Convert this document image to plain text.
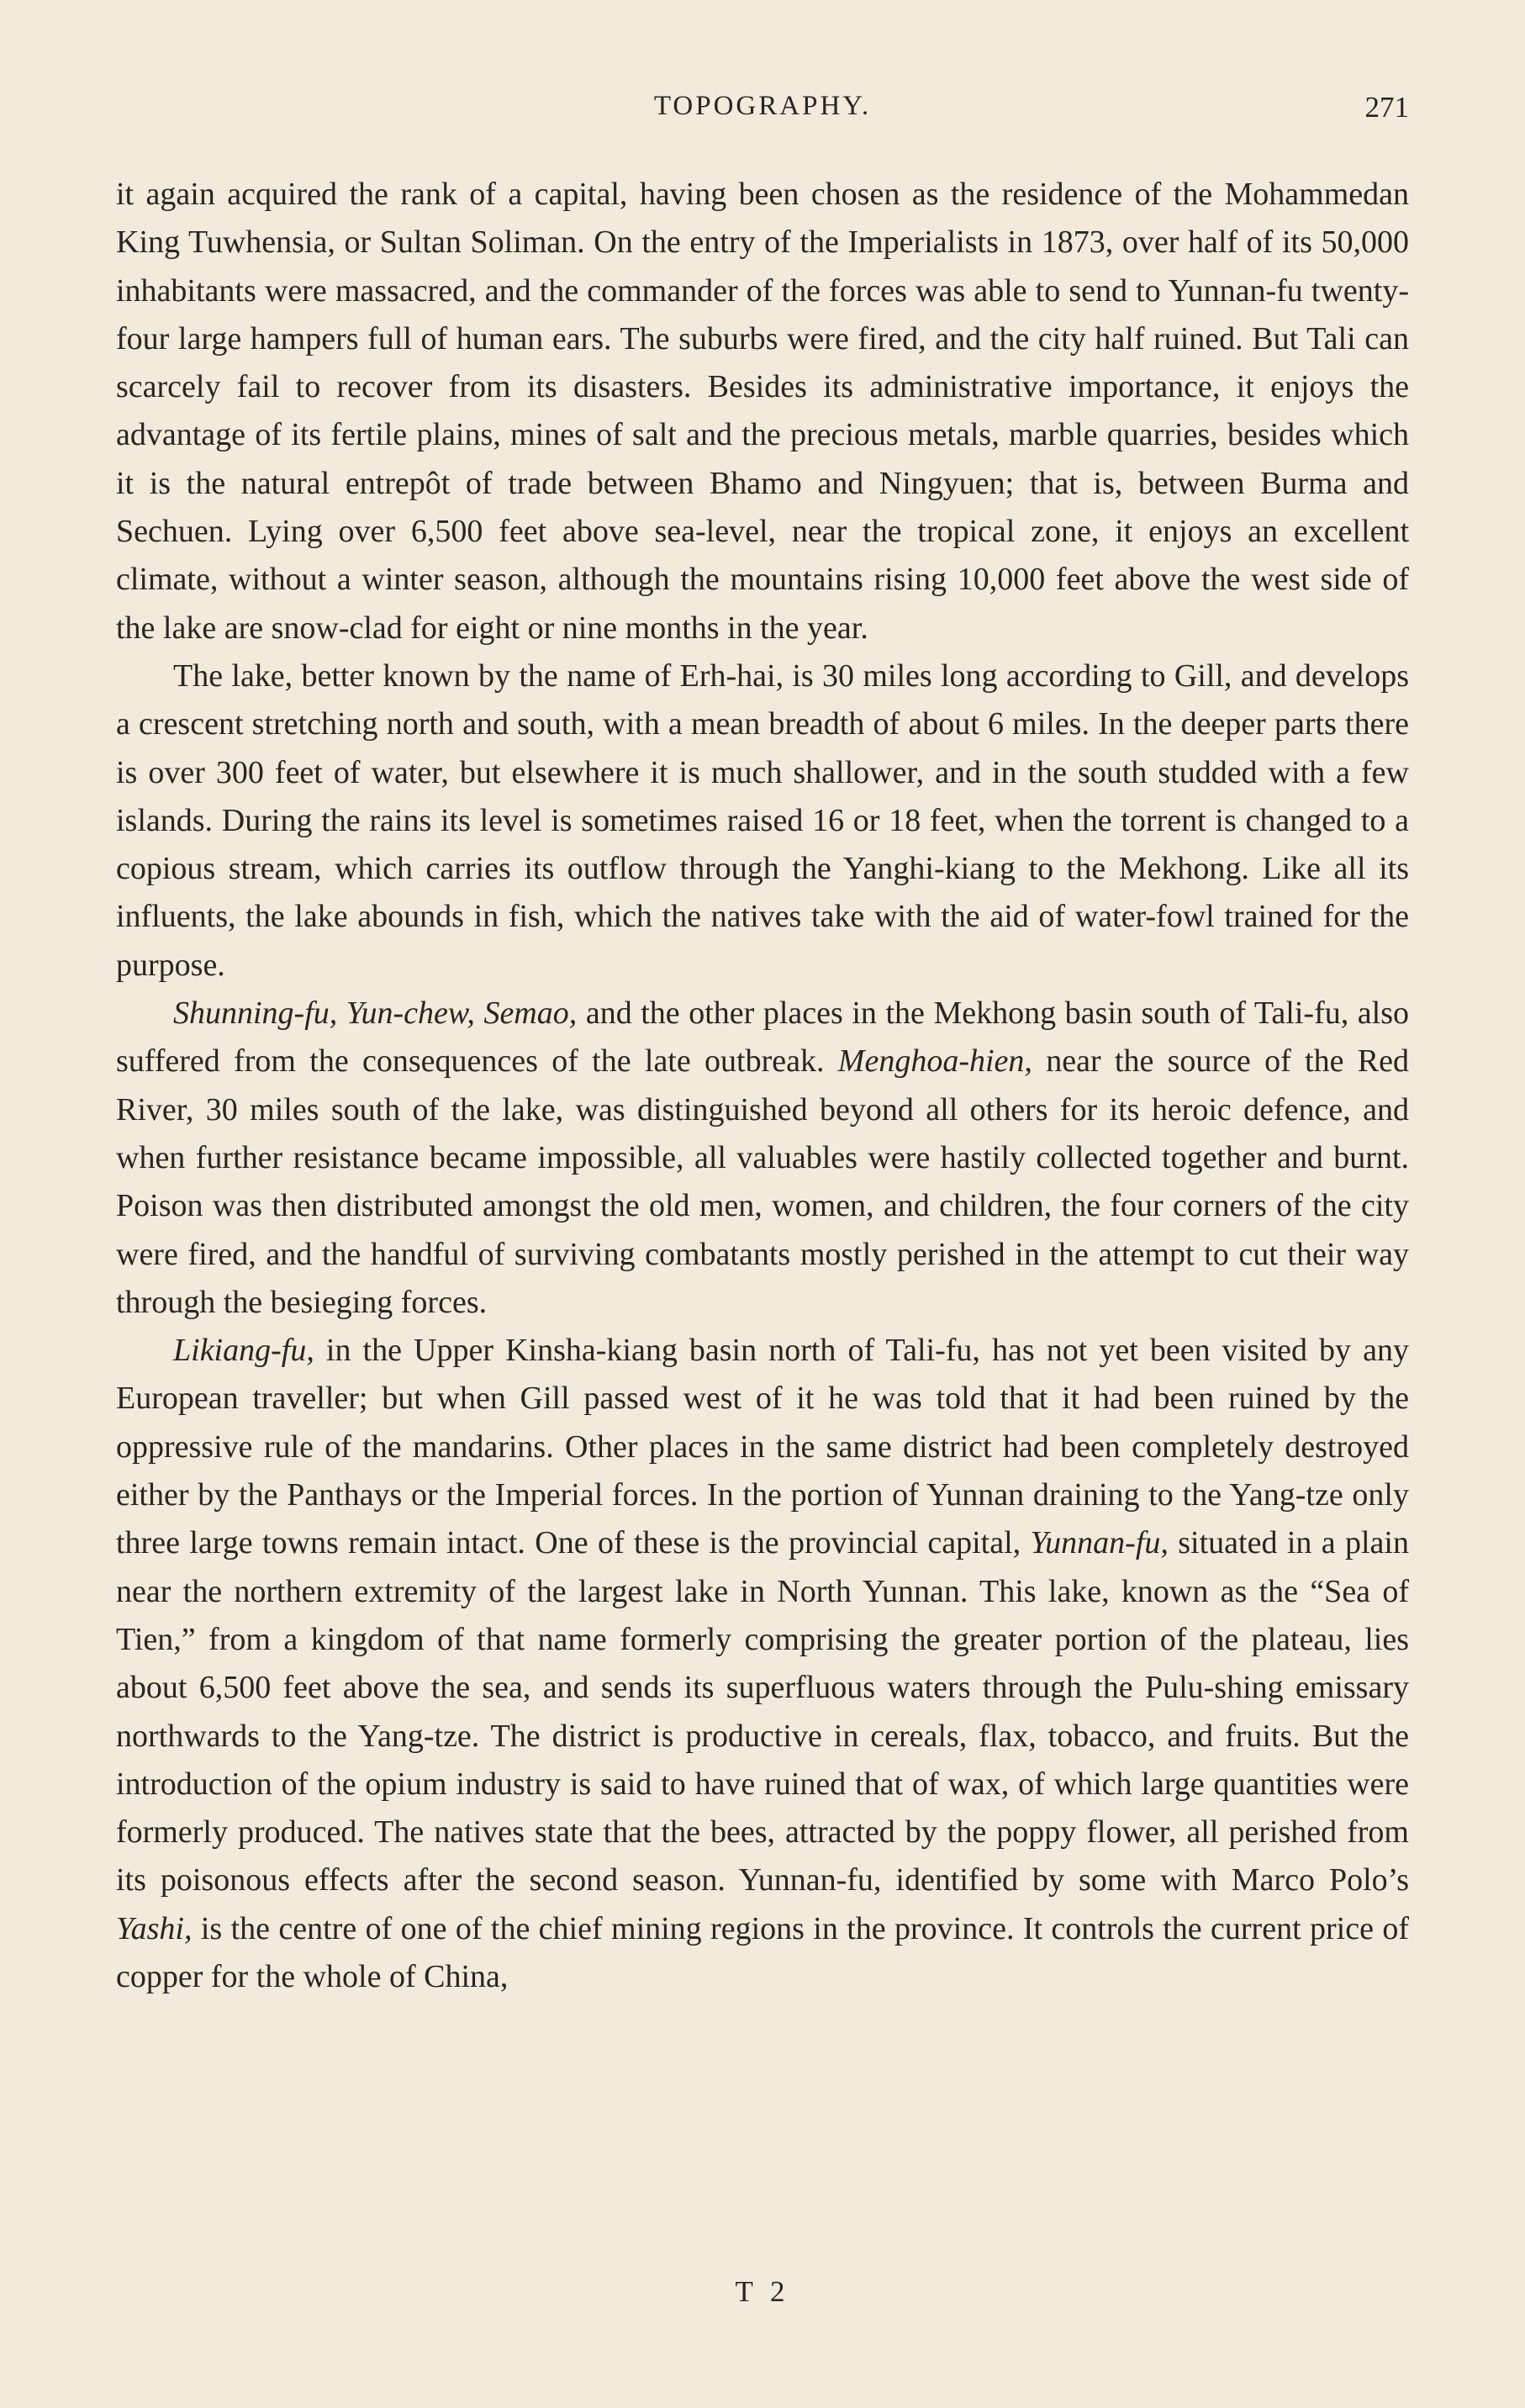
TOPOGRAPHY.	271

it again acquired the rank of a capital, having been chosen as the residence of the Mohammedan King Tuwhensia, or Sultan Soliman. On the entry of the Imperialists in 1873, over half of its 50,000 inhabitants were massacred, and the commander of the forces was able to send to Yunnan-fu twenty-four large hampers full of human ears. The suburbs were fired, and the city half ruined. But Tali can scarcely fail to recover from its disasters. Besides its administrative importance, it enjoys the advantage of its fertile plains, mines of salt and the precious metals, marble quarries, besides which it is the natural entrepôt of trade between Bhamo and Ningyuen; that is, between Burma and Sechuen. Lying over 6,500 feet above sea-level, near the tropical zone, it enjoys an excellent climate, without a winter season, although the mountains rising 10,000 feet above the west side of the lake are snow-clad for eight or nine months in the year.

The lake, better known by the name of Erh-hai, is 30 miles long according to Gill, and develops a crescent stretching north and south, with a mean breadth of about 6 miles. In the deeper parts there is over 300 feet of water, but elsewhere it is much shallower, and in the south studded with a few islands. During the rains its level is sometimes raised 16 or 18 feet, when the torrent is changed to a copious stream, which carries its outflow through the Yanghi-kiang to the Mekhong. Like all its influents, the lake abounds in fish, which the natives take with the aid of water-fowl trained for the purpose.

Shunning-fu, Yun-chew, Semao, and the other places in the Mekhong basin south of Tali-fu, also suffered from the consequences of the late outbreak. Menghoa-hien, near the source of the Red River, 30 miles south of the lake, was distinguished beyond all others for its heroic defence, and when further resistance became impossible, all valuables were hastily collected together and burnt. Poison was then distributed amongst the old men, women, and children, the four corners of the city were fired, and the handful of surviving combatants mostly perished in the attempt to cut their way through the besieging forces.

Likiang-fu, in the Upper Kinsha-kiang basin north of Tali-fu, has not yet been visited by any European traveller; but when Gill passed west of it he was told that it had been ruined by the oppressive rule of the mandarins. Other places in the same district had been completely destroyed either by the Panthays or the Imperial forces. In the portion of Yunnan draining to the Yang-tze only three large towns remain intact. One of these is the provincial capital, Yunnan-fu, situated in a plain near the northern extremity of the largest lake in North Yunnan. This lake, known as the “Sea of Tien,” from a kingdom of that name formerly comprising the greater portion of the plateau, lies about 6,500 feet above the sea, and sends its superfluous waters through the Pulu-shing emissary northwards to the Yang-tze. The district is productive in cereals, flax, tobacco, and fruits. But the introduction of the opium industry is said to have ruined that of wax, of which large quantities were formerly produced. The natives state that the bees, attracted by the poppy flower, all perished from its poisonous effects after the second season. Yunnan-fu, identified by some with Marco Polo’s Yashi, is the centre of one of the chief mining regions in the province. It controls the current price of copper for the whole of China,

T 2
